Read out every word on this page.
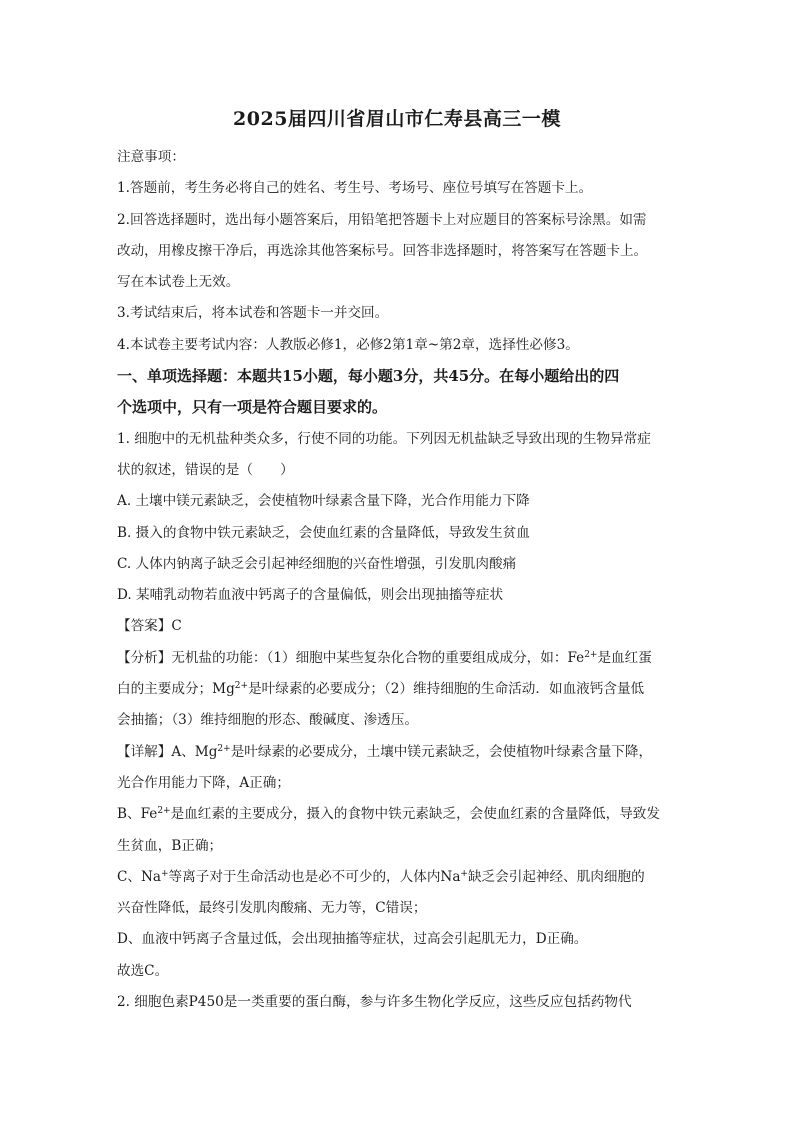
2025届四川省眉山市仁寿县高三一模
注意事项：
1.答题前，考生务必将自己的姓名、考生号、考场号、座位号填写在答题卡上。
2.回答选择题时，选出每小题答案后，用铅笔把答题卡上对应题目的答案标号涂黑。如需
改动，用橡皮擦干净后，再选涂其他答案标号。回答非选择题时，将答案写在答题卡上。
写在本试卷上无效。
3.考试结束后，将本试卷和答题卡一并交回。
4.本试卷主要考试内容：人教版必修1，必修2第1章~第2章，选择性必修3。
一、单项选择题：本题共15小题，每小题3分，共45分。在每小题给出的四
个选项中，只有一项是符合题目要求的。
1. 细胞中的无机盐种类众多，行使不同的功能。下列因无机盐缺乏导致出现的生物异常症
状的叙述，错误的是（　　）
A. 土壤中镁元素缺乏，会使植物叶绿素含量下降，光合作用能力下降
B. 摄入的食物中铁元素缺乏，会使血红素的含量降低，导致发生贫血
C. 人体内钠离子缺乏会引起神经细胞的兴奋性增强，引发肌肉酸痛
D. 某哺乳动物若血液中钙离子的含量偏低，则会出现抽搐等症状
【答案】C
【分析】无机盐的功能：（1）细胞中某些复杂化合物的重要组成成分，如：$Fe^{2+}$是血红蛋
白的主要成分；$Mg^{2+}$是叶绿素的必要成分；（2）维持细胞的生命活动．如血液钙含量低
会抽搐；（3）维持细胞的形态、酸碱度、渗透压。
【详解】A、$Mg^{2+}$是叶绿素的必要成分，土壤中镁元素缺乏，会使植物叶绿素含量下降，
光合作用能力下降，A正确；
B、$Fe^{2+}$是血红素的主要成分，摄入的食物中铁元素缺乏，会使血红素的含量降低，导致发
生贫血，B正确；
C、Na+等离子对于生命活动也是必不可少的，人体内Na+缺乏会引起神经、肌肉细胞的
兴奋性降低，最终引发肌肉酸痛、无力等，C错误；
D、血液中钙离子含量过低，会出现抽搐等症状，过高会引起肌无力，D正确。
故选C。
2. 细胞色素P450是一类重要的蛋白酶，参与许多生物化学反应，这些反应包括药物代
